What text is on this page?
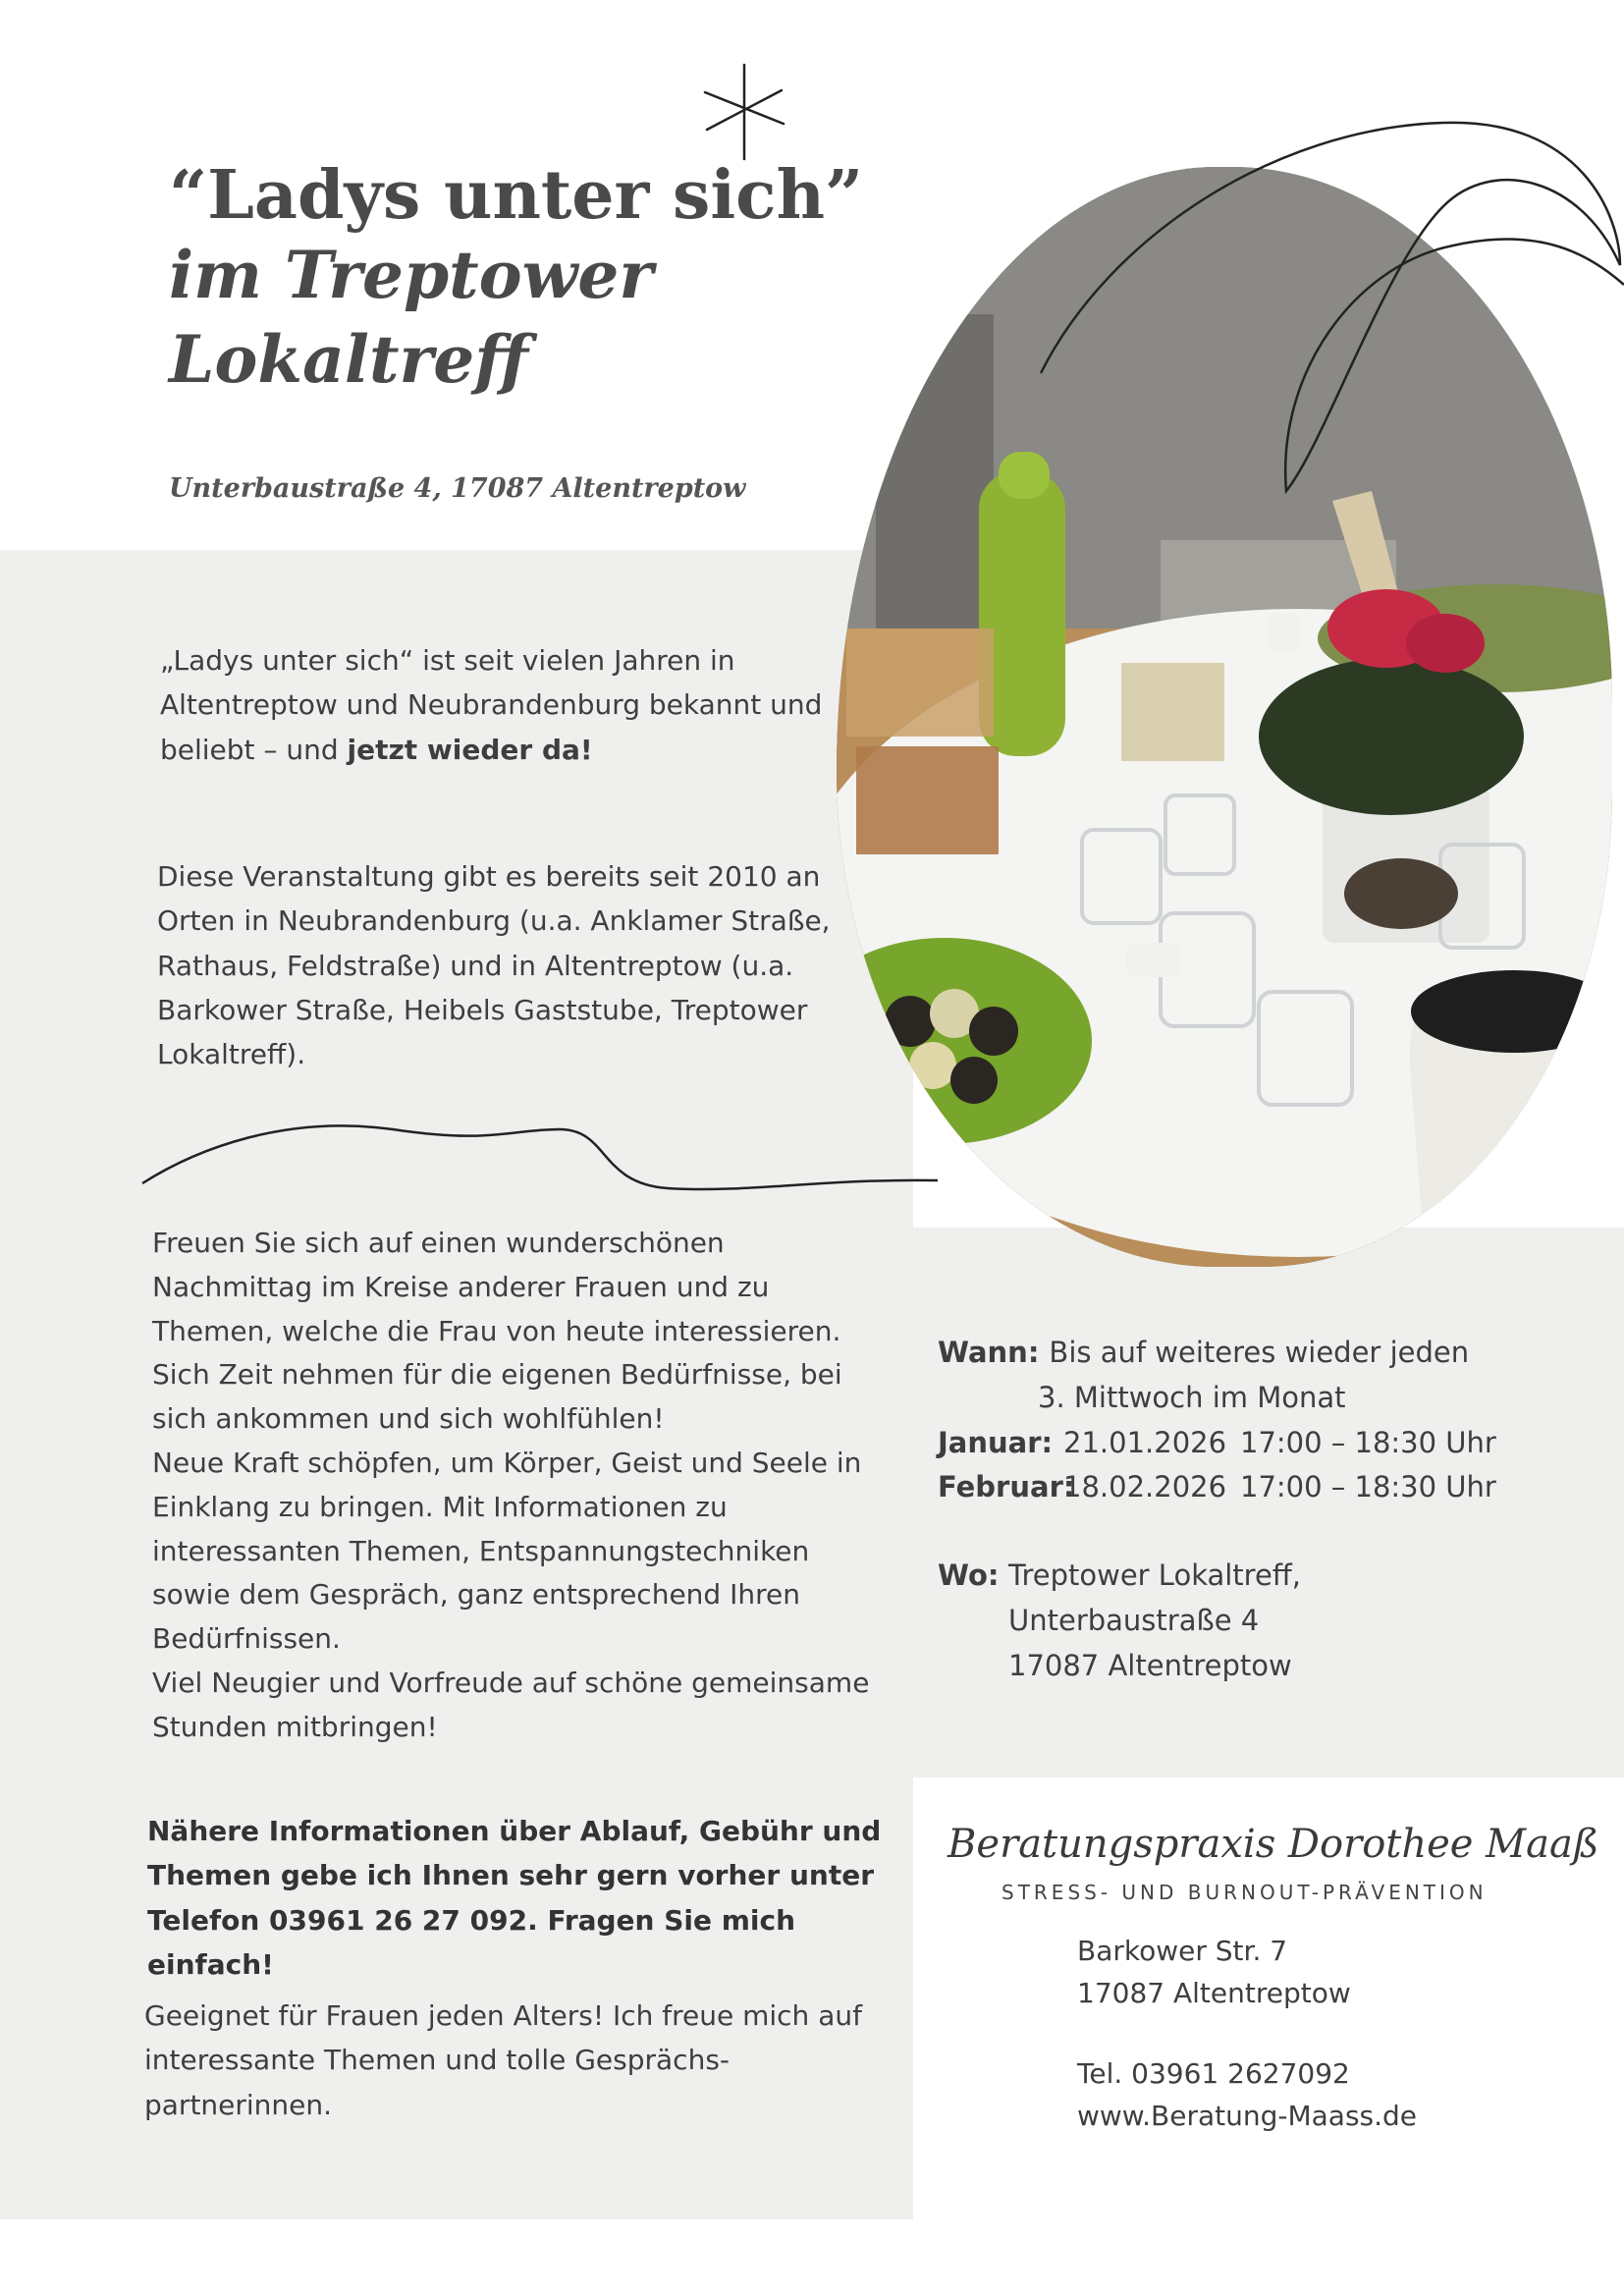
“Ladys unter sich”
im Treptower
Lokaltreff
Unterbaustraße 4, 17087 Altentreptow
„Ladys unter sich“ ist seit vielen Jahren in
Altentreptow und Neubrandenburg bekannt und
beliebt – und jetzt wieder da!
Diese Veranstaltung gibt es bereits seit 2010 an
Orten in Neubrandenburg (u.a. Anklamer Straße,
Rathaus, Feldstraße) und in Altentreptow (u.a.
Barkower Straße, Heibels Gaststube, Treptower
Lokaltreff).
Freuen Sie sich auf einen wunderschönen
Nachmittag im Kreise anderer Frauen und zu
Themen, welche die Frau von heute interessieren.
Sich Zeit nehmen für die eigenen Bedürfnisse, bei
sich ankommen und sich wohlfühlen!
Neue Kraft schöpfen, um Körper, Geist und Seele in
Einklang zu bringen. Mit Informationen zu
interessanten Themen, Entspannungstechniken
sowie dem Gespräch, ganz entsprechend Ihren
Bedürfnissen.
Viel Neugier und Vorfreude auf schöne gemeinsame
Stunden mitbringen!
Nähere Informationen über Ablauf, Gebühr und
Themen gebe ich Ihnen sehr gern vorher unter
Telefon 03961 26 27 092. Fragen Sie mich einfach!
Geeignet für Frauen jeden Alters! Ich freue mich auf
interessante Themen und tolle Gesprächs-
partnerinnen.
Wann: Bis auf weiteres wieder jeden
3. Mittwoch im Monat
Januar: 21.01.2026 17:00 – 18:30 Uhr
Februar:
18.02.2026 17:00 – 18:30 Uhr
Wo: Treptower Lokaltreff,
Unterbaustraße 4
17087 Altentreptow
Beratungspraxis Dorothee Maaß
STRESS- UND BURNOUT-PRÄVENTION
Barkower Str. 7
17087 Altentreptow
Tel. 03961 2627092
www.Beratung-Maass.de
